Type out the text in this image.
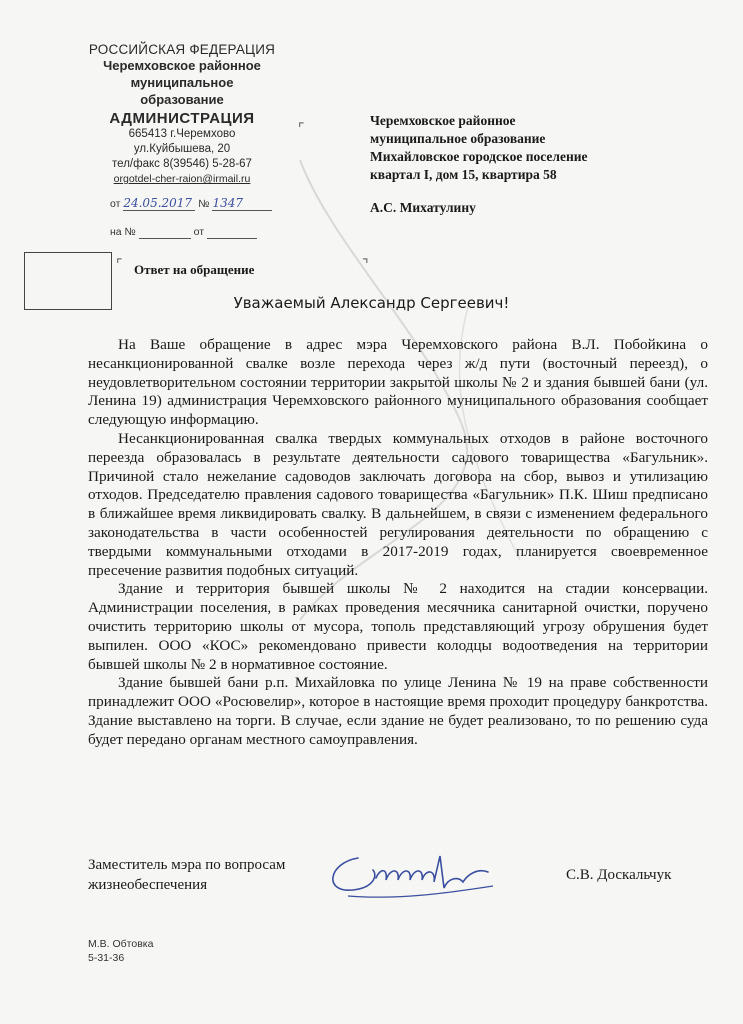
РОССИЙСКАЯ ФЕДЕРАЦИЯ
Черемховское районное
муниципальное
образование
АДМИНИСТРАЦИЯ
665413 г.Черемхово
ул.Куйбышева, 20
тел/факс 8(39546) 5-28-67
orgotdel-cher-raion@irmail.ru
от 24.05.2017 № 1347
на №	от
⌜	Черемховское районное
муниципальное образование
Михайловское городское поселение
квартал I, дом 15, квартира 58
А.С. Михатулину
⌜ Ответ на обращение	⌝
Уважаемый Александр Сергеевич!

На Ваше обращение в адрес мэра Черемховского района В.Л. Побойкина о несанкционированной свалке возле перехода через ж/д пути (восточный переезд), о неудовлетворительном состоянии территории закрытой школы № 2 и здания бывшей бани (ул. Ленина 19) администрация Черемховского районного муниципального образования сообщает следующую информацию.

Несанкционированная свалка твердых коммунальных отходов в районе восточного переезда образовалась в результате деятельности садового товарищества «Багульник». Причиной стало нежелание садоводов заключать договора на сбор, вывоз и утилизацию отходов. Председателю правления садового товарищества «Багульник» П.К. Шиш предписано в ближайшее время ликвидировать свалку. В дальнейшем, в связи с изменением федерального законодательства в части особенностей регулирования деятельности по обращению с твердыми коммунальными отходами в 2017-2019 годах, планируется своевременное пресечение развития подобных ситуаций.

Здание и территория бывшей школы № 2 находится на стадии консервации. Администрации поселения, в рамках проведения месячника санитарной очистки, поручено очистить территорию школы от мусора, тополь представляющий угрозу обрушения будет выпилен. ООО «КОС» рекомендовано привести колодцы водоотведения на территории бывшей школы № 2 в нормативное состояние.

Здание бывшей бани р.п. Михайловка по улице Ленина № 19 на праве собственности принадлежит ООО «Росювелир», которое в настоящие время проходит процедуру банкротства. Здание выставлено на торги. В случае, если здание не будет реализовано, то по решению суда будет передано органам местного самоуправления.

Заместитель мэра по вопросам
жизнеобеспечения
С.В. Доскальчук
М.В. Обтовка
5-31-36
